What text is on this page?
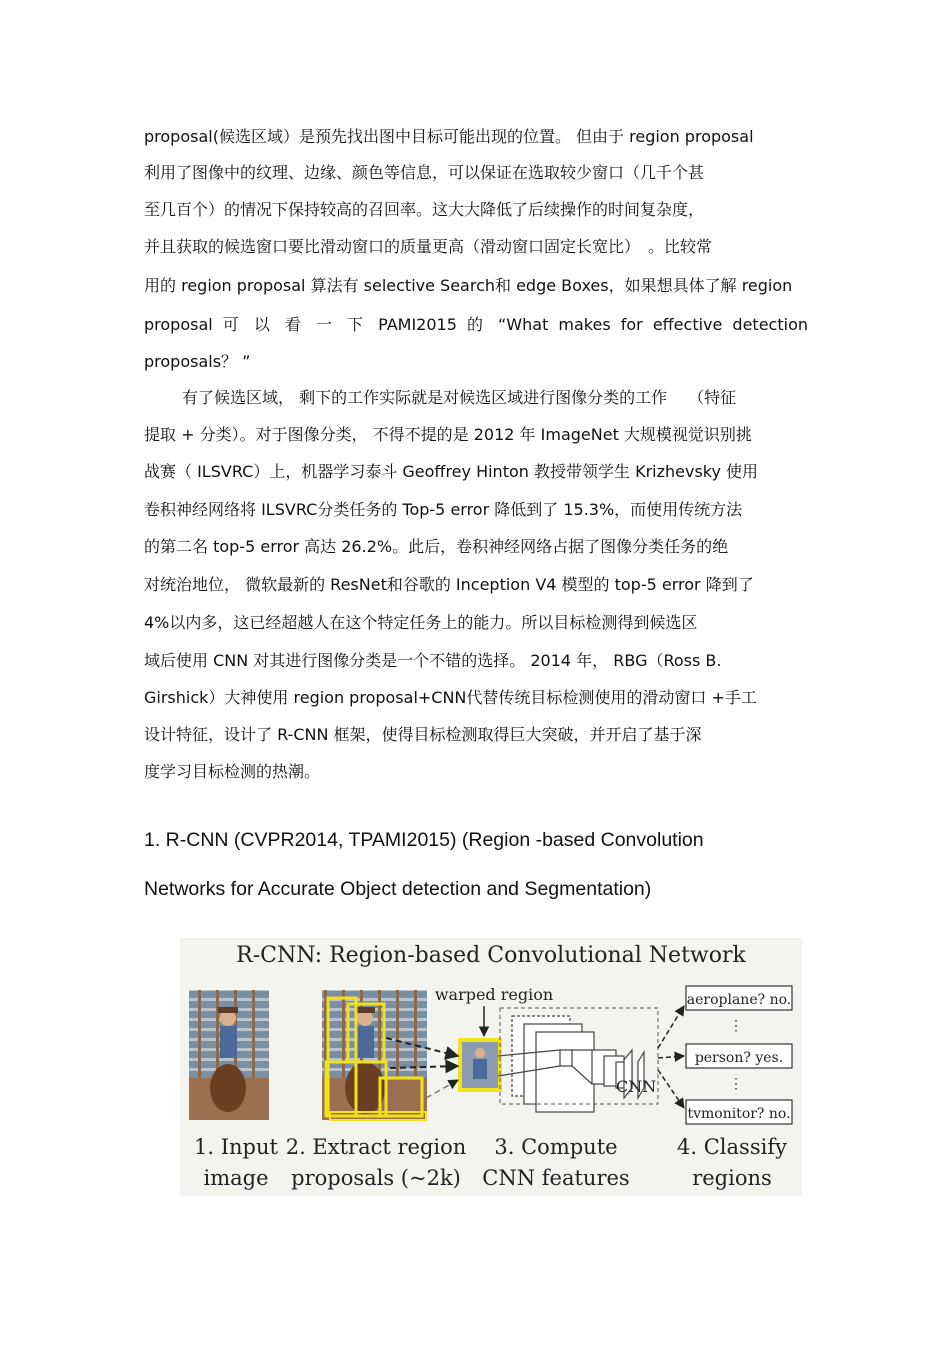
proposal(候选区域）是预先找出图中目标可能出现的位置。 但由于 region proposal
利用了图像中的纹理、边缘、颜色等信息，可以保证在选取较少窗口（几千个甚
至几百个）的情况下保持较高的召回率。这大大降低了后续操作的时间复杂度，
并且获取的候选窗口要比滑动窗口的质量更高（滑动窗口固定长宽比）　。比较常
用的 region proposal 算法有 selective Search和 edge Boxes，如果想具体了解 region
proposal 可 以 看 一 下 PAMI2015 的 “What makes for effective detection
proposals？ ”
有了候选区域， 剩下的工作实际就是对候选区域进行图像分类的工作　 （特征
提取 + 分类）。对于图像分类， 不得不提的是 2012 年 ImageNet 大规模视觉识别挑
战赛（ ILSVRC）上，机器学习泰斗 Geoffrey Hinton 教授带领学生 Krizhevsky 使用
卷积神经网络将 ILSVRC分类任务的 Top-5 error 降低到了 15.3%，而使用传统方法
的第二名 top-5 error 高达 26.2%。此后，卷积神经网络占据了图像分类任务的绝
对统治地位， 微软最新的 ResNet和谷歌的 Inception V4 模型的 top-5 error 降到了
4%以内多，这已经超越人在这个特定任务上的能力。所以目标检测得到候选区
域后使用 CNN 对其进行图像分类是一个不错的选择。 2014 年， RBG（Ross B.
Girshick）大神使用 region proposal+CNN代替传统目标检测使用的滑动窗口 +手工
设计特征，设计了 R-CNN 框架，使得目标检测取得巨大突破，并开启了基于深
度学习目标检测的热潮。
1. R-CNN (CVPR2014, TPAMI2015) (Region -based Convolution
Networks for Accurate Object detection and Segmentation)
R-CNN: Region-based Convolutional Network
warped region
CNN
aeroplane? no.
⋮
person? yes.
⋮
tvmonitor? no.
1. Input
image
2. Extract region
proposals (~2k)
3. Compute
CNN features
4. Classify
regions
